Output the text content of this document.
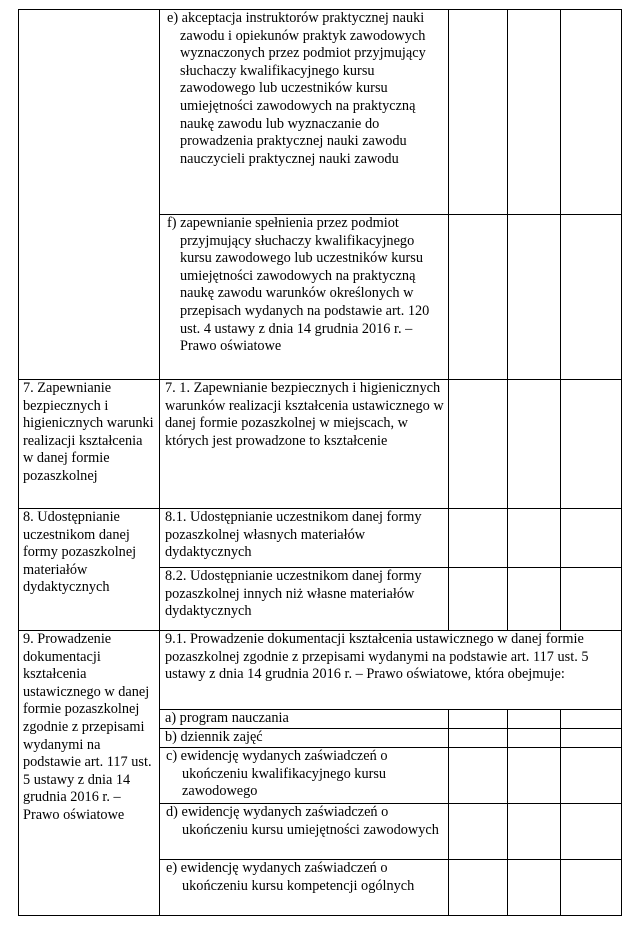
	e) akceptacja instruktorów praktycznej nauki zawodu i opiekunów praktyk zawodowych wyznaczonych przez podmiot przyjmujący słuchaczy kwalifikacyjnego kursu zawodowego lub uczestników kursu umiejętności zawodowych na praktyczną naukę zawodu lub wyznaczanie do prowadzenia praktycznej nauki zawodu nauczycieli praktycznej nauki zawodu			
	f) zapewnianie spełnienia przez podmiot przyjmujący słuchaczy kwalifikacyjnego kursu zawodowego lub uczestników kursu umiejętności zawodowych na praktyczną naukę zawodu warunków określonych w przepisach wydanych na podstawie art. 120 ust. 4 ustawy z dnia 14 grudnia 2016 r. – Prawo oświatowe			
7. Zapewnianie bezpiecznych i higienicznych warunki realizacji kształcenia w danej formie pozaszkolnej	7. 1. Zapewnianie bezpiecznych i higienicznych warunków realizacji kształcenia ustawicznego w danej formie pozaszkolnej w miejscach, w których jest prowadzone to kształcenie			
8. Udostępnianie uczestnikom danej formy pozaszkolnej materiałów dydaktycznych	8.1. Udostępnianie uczestnikom danej formy pozaszkolnej własnych materiałów dydaktycznych			
	8.2. Udostępnianie uczestnikom danej formy pozaszkolnej innych niż własne materiałów dydaktycznych			
9. Prowadzenie dokumentacji kształcenia ustawicznego w danej formie pozaszkolnej zgodnie z przepisami wydanymi na podstawie art. 117 ust. 5 ustawy z dnia 14 grudnia 2016 r. – Prawo oświatowe	9.1. Prowadzenie dokumentacji kształcenia ustawicznego w danej formie pozaszkolnej zgodnie z przepisami wydanymi na podstawie art. 117 ust. 5 ustawy z dnia 14 grudnia 2016 r. – Prawo oświatowe, która obejmuje:			
	a) program nauczania			
	b) dziennik zajęć			
	c) ewidencję wydanych zaświadczeń o ukończeniu kwalifikacyjnego kursu zawodowego			
	d) ewidencję wydanych zaświadczeń o ukończeniu kursu umiejętności zawodowych			
	e) ewidencję wydanych zaświadczeń o ukończeniu kursu kompetencji ogólnych			
